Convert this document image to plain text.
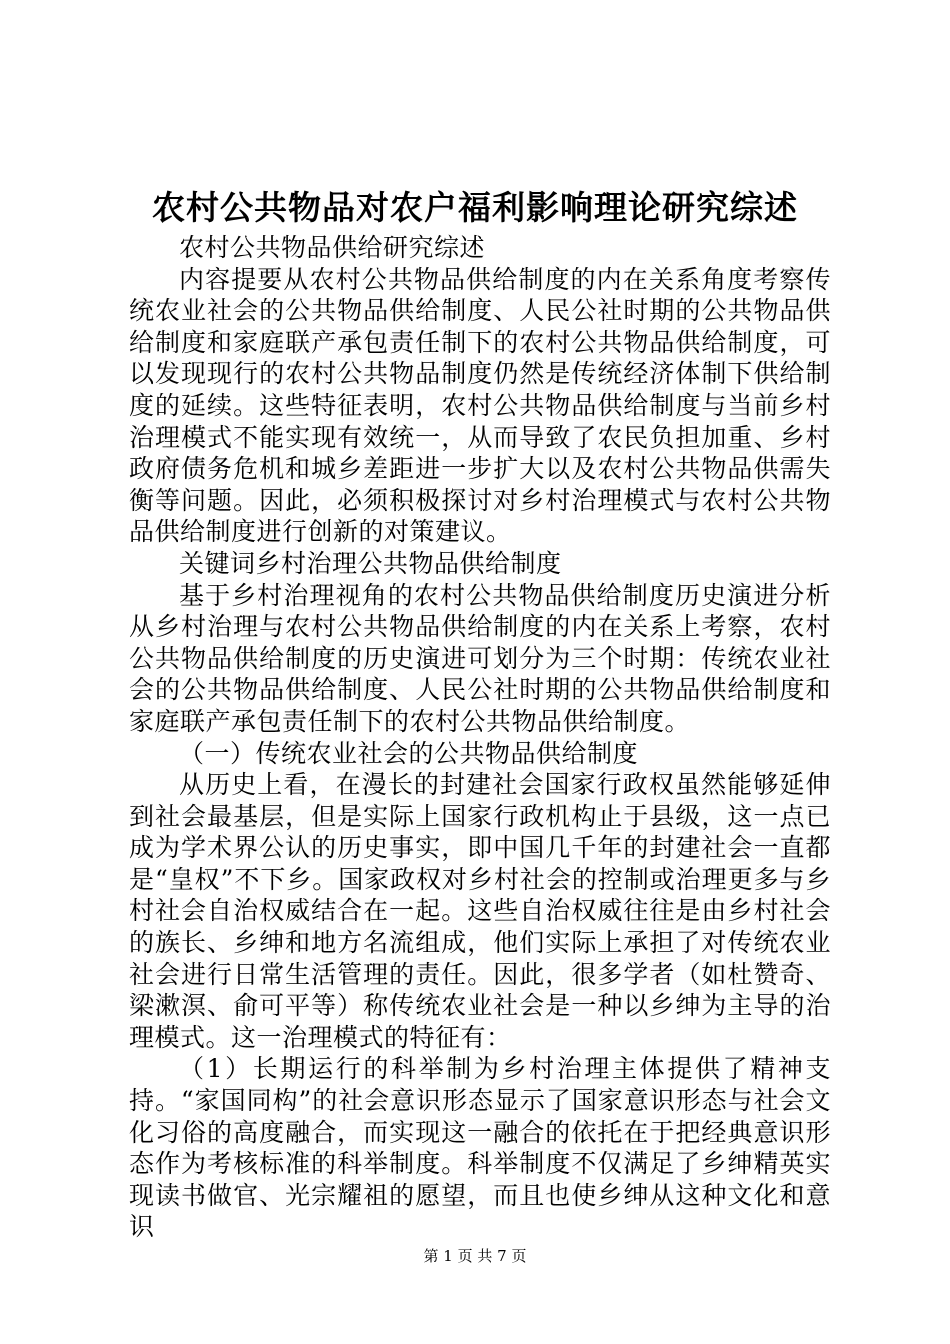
农村公共物品对农户福利影响理论研究综述

农村公共物品供给研究综述

内容提要从农村公共物品供给制度的内在关系角度考察传统农业社会的公共物品供给制度、人民公社时期的公共物品供给制度和家庭联产承包责任制下的农村公共物品供给制度，可以发现现行的农村公共物品制度仍然是传统经济体制下供给制度的延续。这些特征表明，农村公共物品供给制度与当前乡村治理模式不能实现有效统一，从而导致了农民负担加重、乡村政府债务危机和城乡差距进一步扩大以及农村公共物品供需失衡等问题。因此，必须积极探讨对乡村治理模式与农村公共物品供给制度进行创新的对策建议。

关键词乡村治理公共物品供给制度

基于乡村治理视角的农村公共物品供给制度历史演进分析从乡村治理与农村公共物品供给制度的内在关系上考察，农村公共物品供给制度的历史演进可划分为三个时期：传统农业社会的公共物品供给制度、人民公社时期的公共物品供给制度和家庭联产承包责任制下的农村公共物品供给制度。

（一）传统农业社会的公共物品供给制度

从历史上看，在漫长的封建社会国家行政权虽然能够延伸到社会最基层，但是实际上国家行政机构止于县级，这一点已成为学术界公认的历史事实，即中国几千年的封建社会一直都是“皇权”不下乡。国家政权对乡村社会的控制或治理更多与乡村社会自治权威结合在一起。这些自治权威往往是由乡村社会的族长、乡绅和地方名流组成，他们实际上承担了对传统农业社会进行日常生活管理的责任。因此，很多学者（如杜赞奇、梁漱溟、俞可平等）称传统农业社会是一种以乡绅为主导的治理模式。这一治理模式的特征有：

（1）长期运行的科举制为乡村治理主体提供了精神支持。“家国同构”的社会意识形态显示了国家意识形态与社会文化习俗的高度融合，而实现这一融合的依托在于把经典意识形态作为考核标准的科举制度。科举制度不仅满足了乡绅精英实现读书做官、光宗耀祖的愿望，而且也使乡绅从这种文化和意识

第 1 页 共 7 页
